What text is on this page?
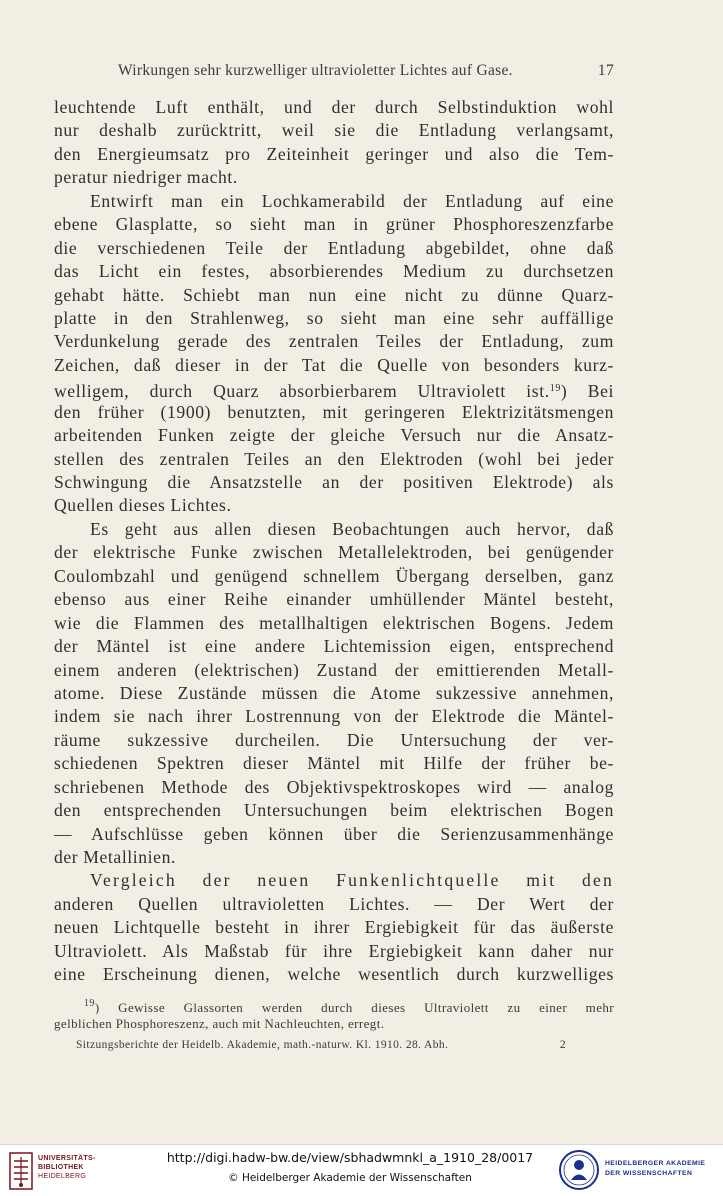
Wirkungen sehr kurzwelliger ultravioletter Lichtes auf Gase.	17
leuchtende Luft enthält, und der durch Selbstinduktion wohl
nur deshalb zurücktritt, weil sie die Entladung verlangsamt,
den Energieumsatz pro Zeiteinheit geringer und also die Tem-
peratur niedriger macht.
Entwirft man ein Lochkamerabild der Entladung auf eine
ebene Glasplatte, so sieht man in grüner Phosphoreszenzfarbe
die verschiedenen Teile der Entladung abgebildet, ohne daß
das Licht ein festes, absorbierendes Medium zu durchsetzen
gehabt hätte. Schiebt man nun eine nicht zu dünne Quarz-
platte in den Strahlenweg, so sieht man eine sehr auffällige
Verdunkelung gerade des zentralen Teiles der Entladung, zum
Zeichen, daß dieser in der Tat die Quelle von besonders kurz-
welligem, durch Quarz absorbierbarem Ultraviolett ist.$^{19}$) Bei
den früher (1900) benutzten, mit geringeren Elektrizitätsmengen
arbeitenden Funken zeigte der gleiche Versuch nur die Ansatz-
stellen des zentralen Teiles an den Elektroden (wohl bei jeder
Schwingung die Ansatzstelle an der positiven Elektrode) als
Quellen dieses Lichtes.
Es geht aus allen diesen Beobachtungen auch hervor, daß
der elektrische Funke zwischen Metallelektroden, bei genügender
Coulombzahl und genügend schnellem Übergang derselben, ganz
ebenso aus einer Reihe einander umhüllender Mäntel besteht,
wie die Flammen des metallhaltigen elektrischen Bogens. Jedem
der Mäntel ist eine andere Lichtemission eigen, entsprechend
einem anderen (elektrischen) Zustand der emittierenden Metall-
atome. Diese Zustände müssen die Atome sukzessive annehmen,
indem sie nach ihrer Lostrennung von der Elektrode die Mäntel-
räume sukzessive durcheilen. Die Untersuchung der ver-
schiedenen Spektren dieser Mäntel mit Hilfe der früher be-
schriebenen Methode des Objektivspektroskopes wird — analog
den entsprechenden Untersuchungen beim elektrischen Bogen
— Aufschlüsse geben können über die Serienzusammenhänge
der Metallinien.
Vergleich der neuen Funkenlichtquelle mit den
anderen Quellen ultravioletten Lichtes. — Der Wert der
neuen Lichtquelle besteht in ihrer Ergiebigkeit für das äußerste
Ultraviolett. Als Maßstab für ihre Ergiebigkeit kann daher nur
eine Erscheinung dienen, welche wesentlich durch kurzwelliges
$^{19}$) Gewisse Glassorten werden durch dieses Ultraviolett zu einer mehr
gelblichen Phosphoreszenz, auch mit Nachleuchten, erregt.
Sitzungsberichte der Heidelb. Akademie, math.-naturw. Kl. 1910. 28. Abh.	2
UNIVERSITÄTS-
BIBLIOTHEK
HEIDELBERG
http://digi.hadw-bw.de/view/sbhadwmnkl_a_1910_28/0017
© Heidelberger Akademie der Wissenschaften
HEIDELBERGER AKADEMIE
DER WISSENSCHAFTEN
